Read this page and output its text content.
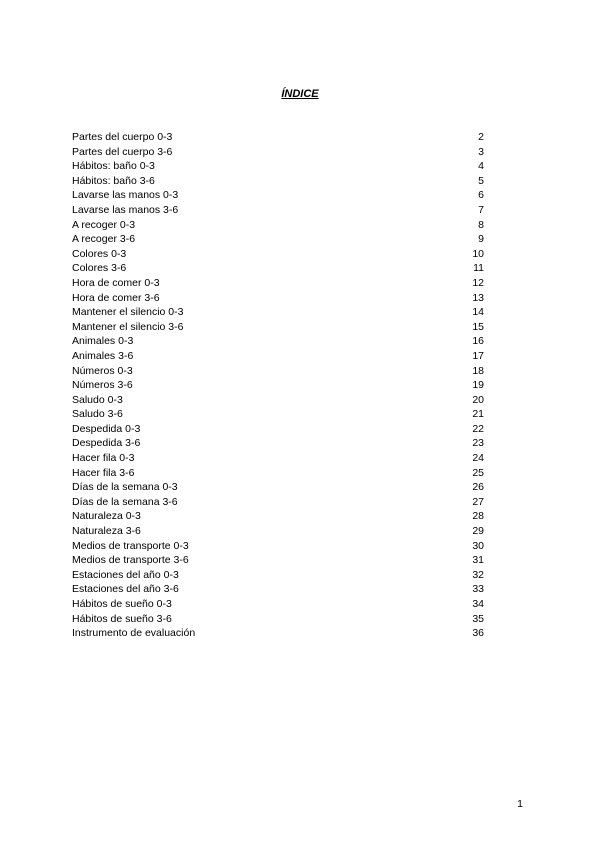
ÍNDICE
Partes del cuerpo 0-3	2
Partes del cuerpo 3-6	3
Hábitos: baño 0-3	4
Hábitos: baño 3-6	5
Lavarse las manos 0-3	6
Lavarse las manos 3-6	7
A recoger 0-3	8
A recoger 3-6	9
Colores 0-3	10
Colores 3-6	11
Hora de comer 0-3	12
Hora de comer 3-6	13
Mantener el silencio 0-3	14
Mantener el silencio 3-6	15
Animales 0-3	16
Animales 3-6	17
Números 0-3	18
Números 3-6	19
Saludo 0-3	20
Saludo 3-6	21
Despedida 0-3	22
Despedida 3-6	23
Hacer fila 0-3	24
Hacer fila 3-6	25
Días de la semana 0-3	26
Días de la semana 3-6	27
Naturaleza 0-3	28
Naturaleza 3-6	29
Medios de transporte 0-3	30
Medios de transporte 3-6	31
Estaciones del año 0-3	32
Estaciones del año 3-6	33
Hábitos de sueño 0-3	34
Hábitos de sueño 3-6	35
Instrumento de evaluación	36
1
